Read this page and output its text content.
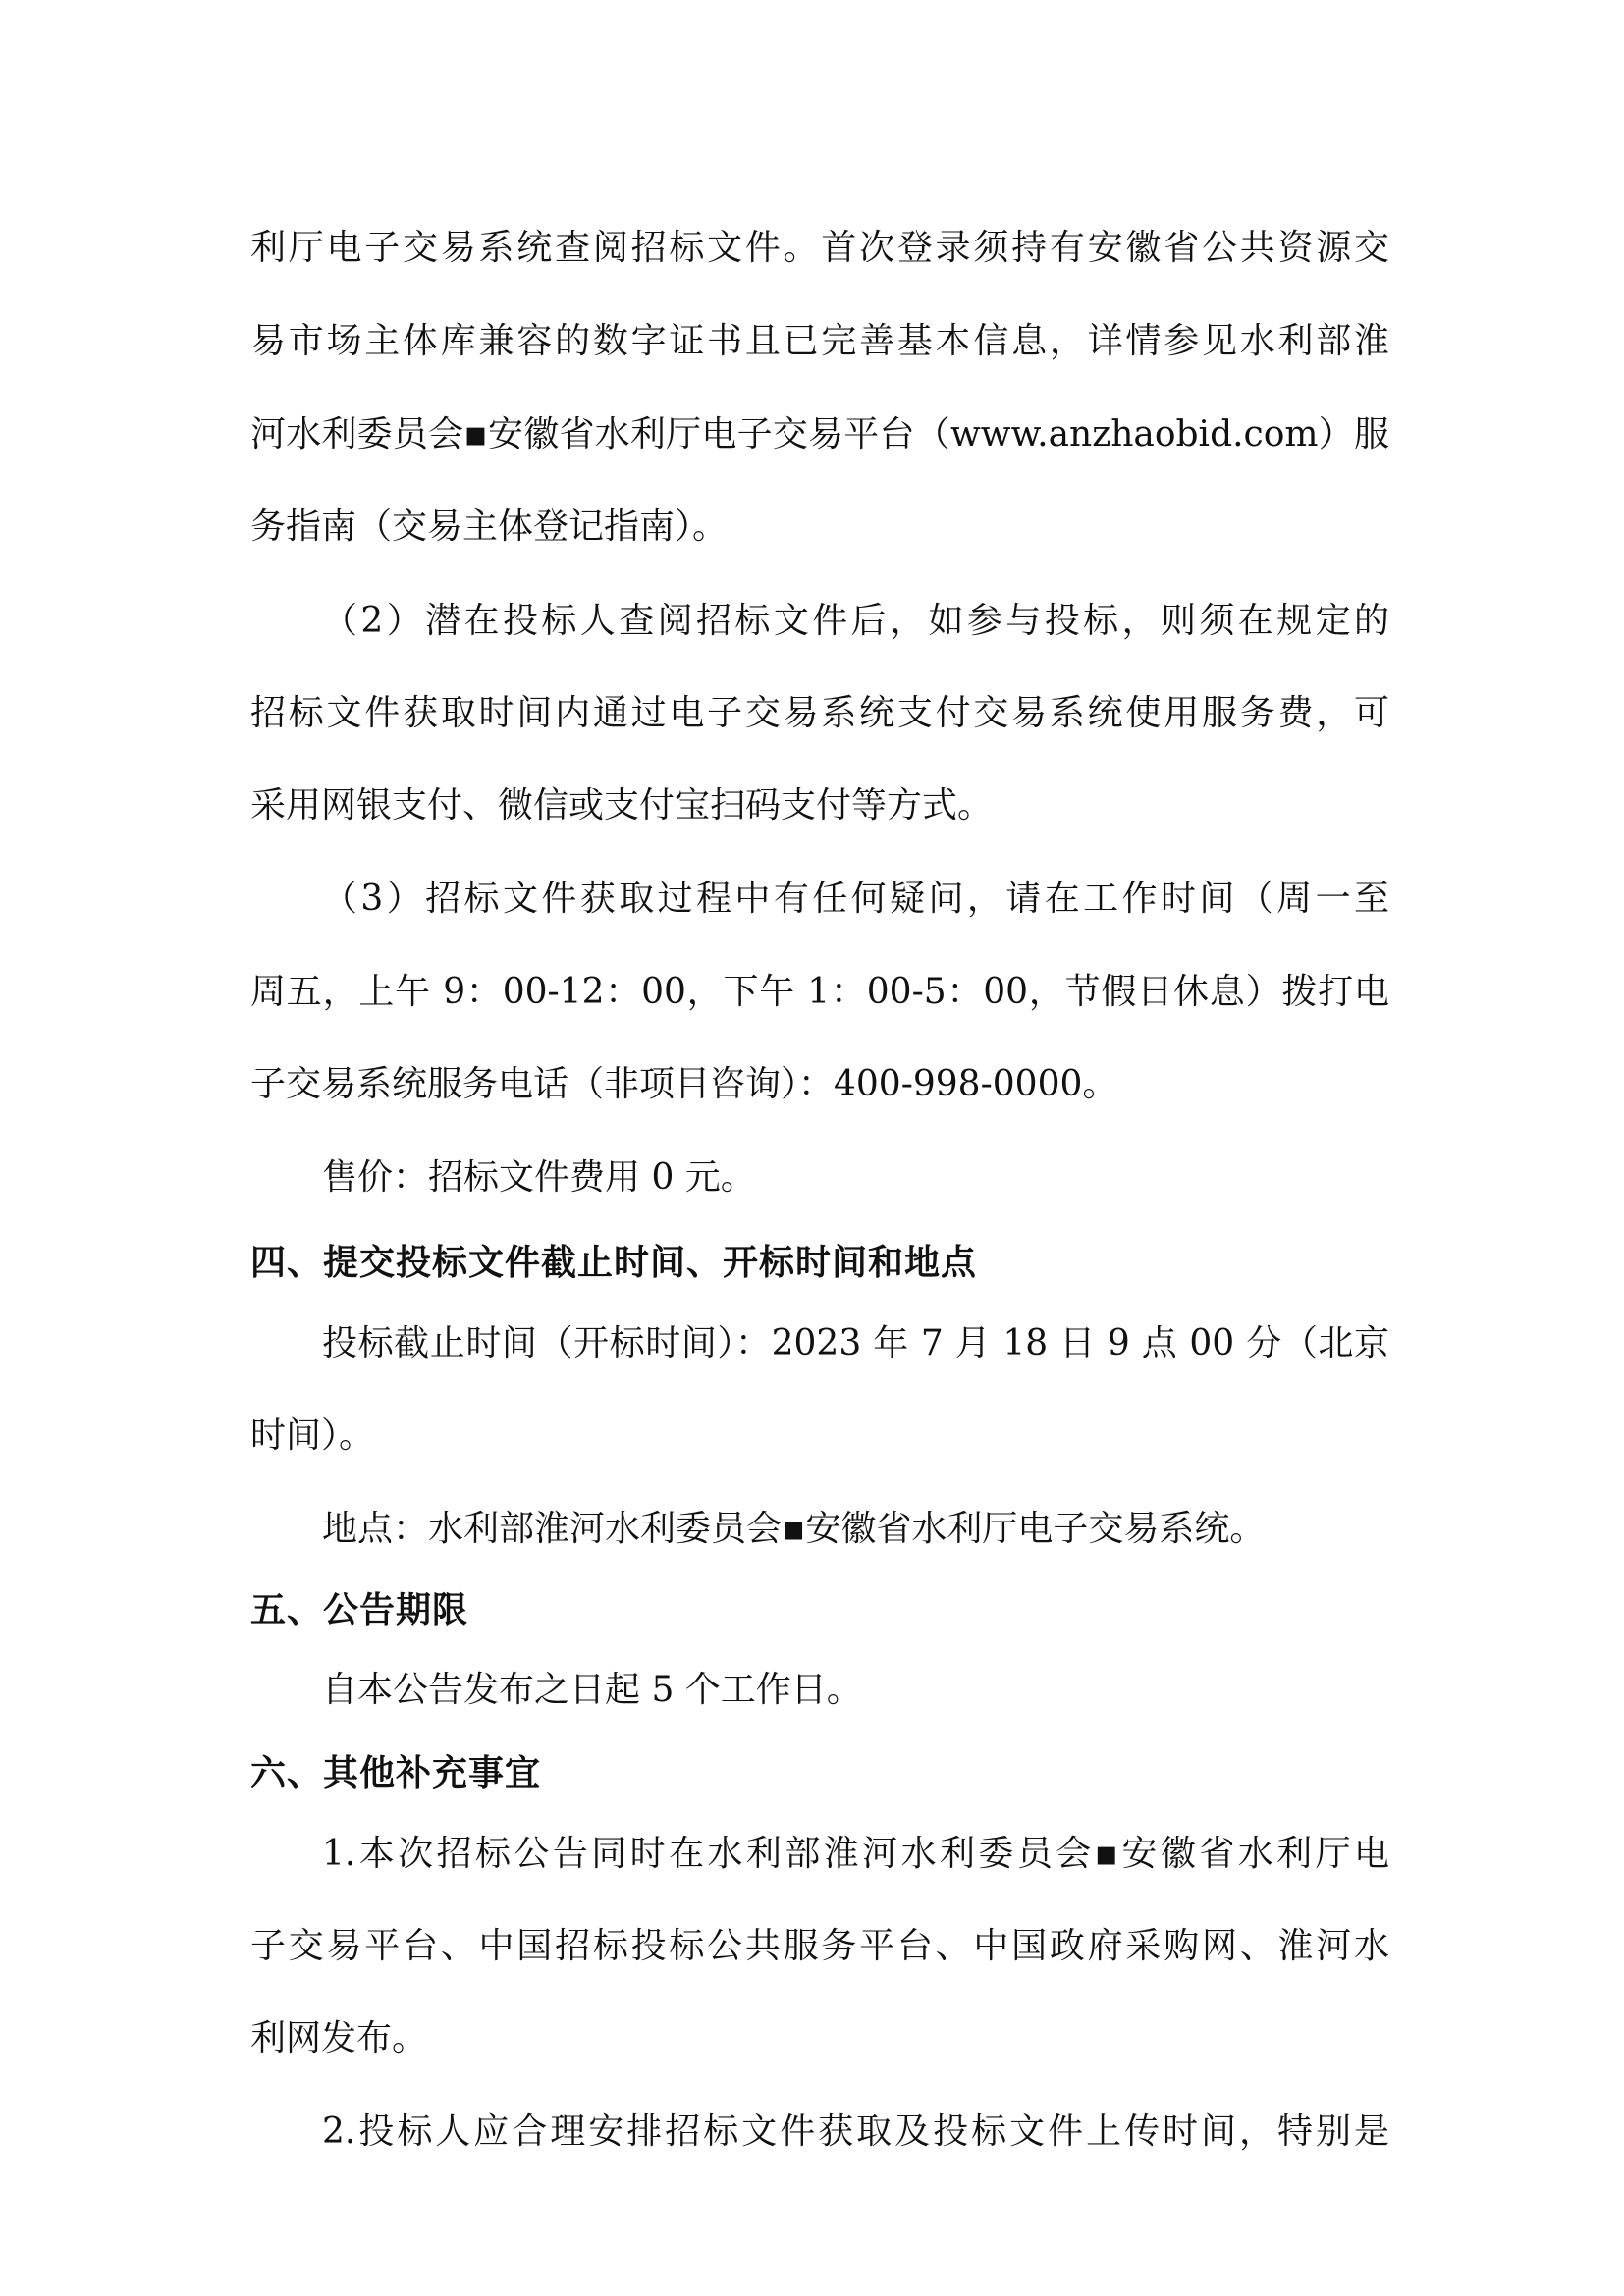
利厅电子交易系统查阅招标文件。首次登录须持有安徽省公共资源交
易市场主体库兼容的数字证书且已完善基本信息，详情参见水利部淮
河水利委员会▪安徽省水利厅电子交易平台（www.anzhaobid.com）服
务指南（交易主体登记指南）。
（2）潜在投标人查阅招标文件后，如参与投标，则须在规定的
招标文件获取时间内通过电子交易系统支付交易系统使用服务费，可
采用网银支付、微信或支付宝扫码支付等方式。
（3）招标文件获取过程中有任何疑问，请在工作时间（周一至
周五，上午 9：00-12：00，下午 1：00-5：00，节假日休息）拨打电
子交易系统服务电话（非项目咨询）：400-998-0000。
售价：招标文件费用 0 元。
四、提交投标文件截止时间、开标时间和地点
投标截止时间（开标时间）：2023 年 7 月 18 日 9 点 00 分（北京
时间）。
地点：水利部淮河水利委员会▪安徽省水利厅电子交易系统。
五、公告期限
自本公告发布之日起 5 个工作日。
六、其他补充事宜
1.本次招标公告同时在水利部淮河水利委员会▪安徽省水利厅电
子交易平台、中国招标投标公共服务平台、中国政府采购网、淮河水
利网发布。
2.投标人应合理安排招标文件获取及投标文件上传时间，特别是
